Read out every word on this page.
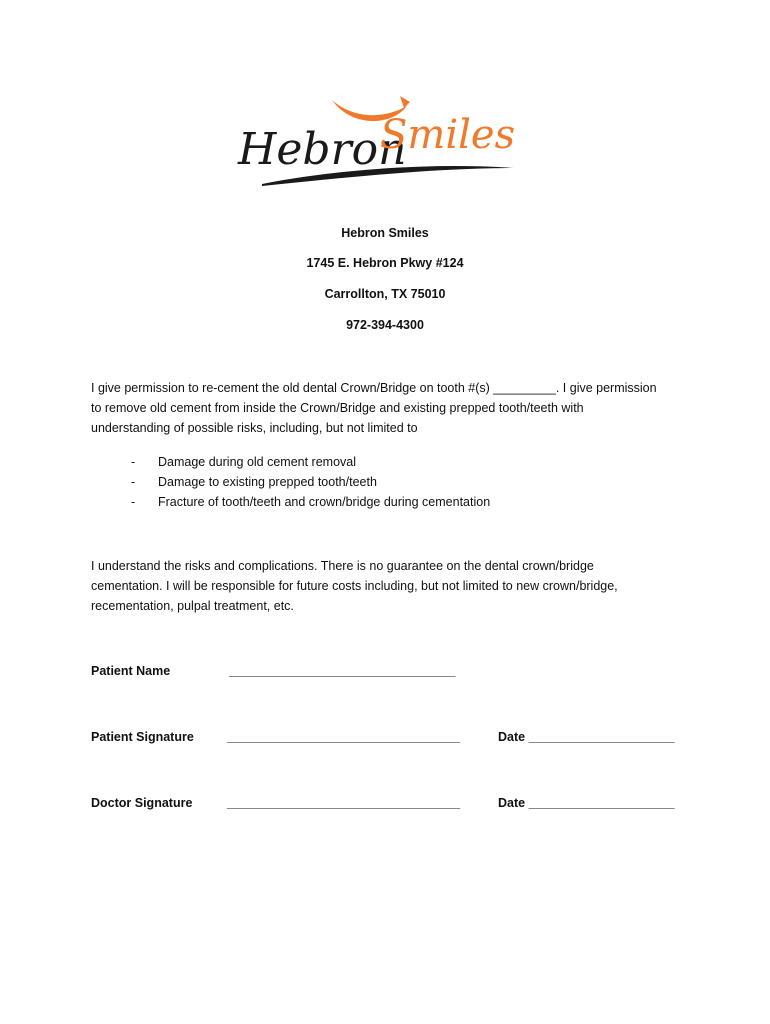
Hebron
Smiles
Hebron Smiles
1745 E. Hebron Pkwy #124
Carrollton, TX 75010
972-394-4300

I give permission to re-cement the old dental Crown/Bridge on tooth #(s) _________. I give permission

to remove old cement from inside the Crown/Bridge and existing prepped tooth/teeth with

understanding of possible risks, including, but not limited to

- Damage during old cement removal
- Damage to existing prepped tooth/teeth
- Fracture of tooth/teeth and crown/bridge during cementation

I understand the risks and complications. There is no guarantee on the dental crown/bridge

cementation. I will be responsible for future costs including, but not limited to new crown/bridge,

recementation, pulpal treatment, etc.

Patient Name	__________________________________
Patient Signature	___________________________________	Date _____________________
Doctor Signature	___________________________________	Date _____________________
